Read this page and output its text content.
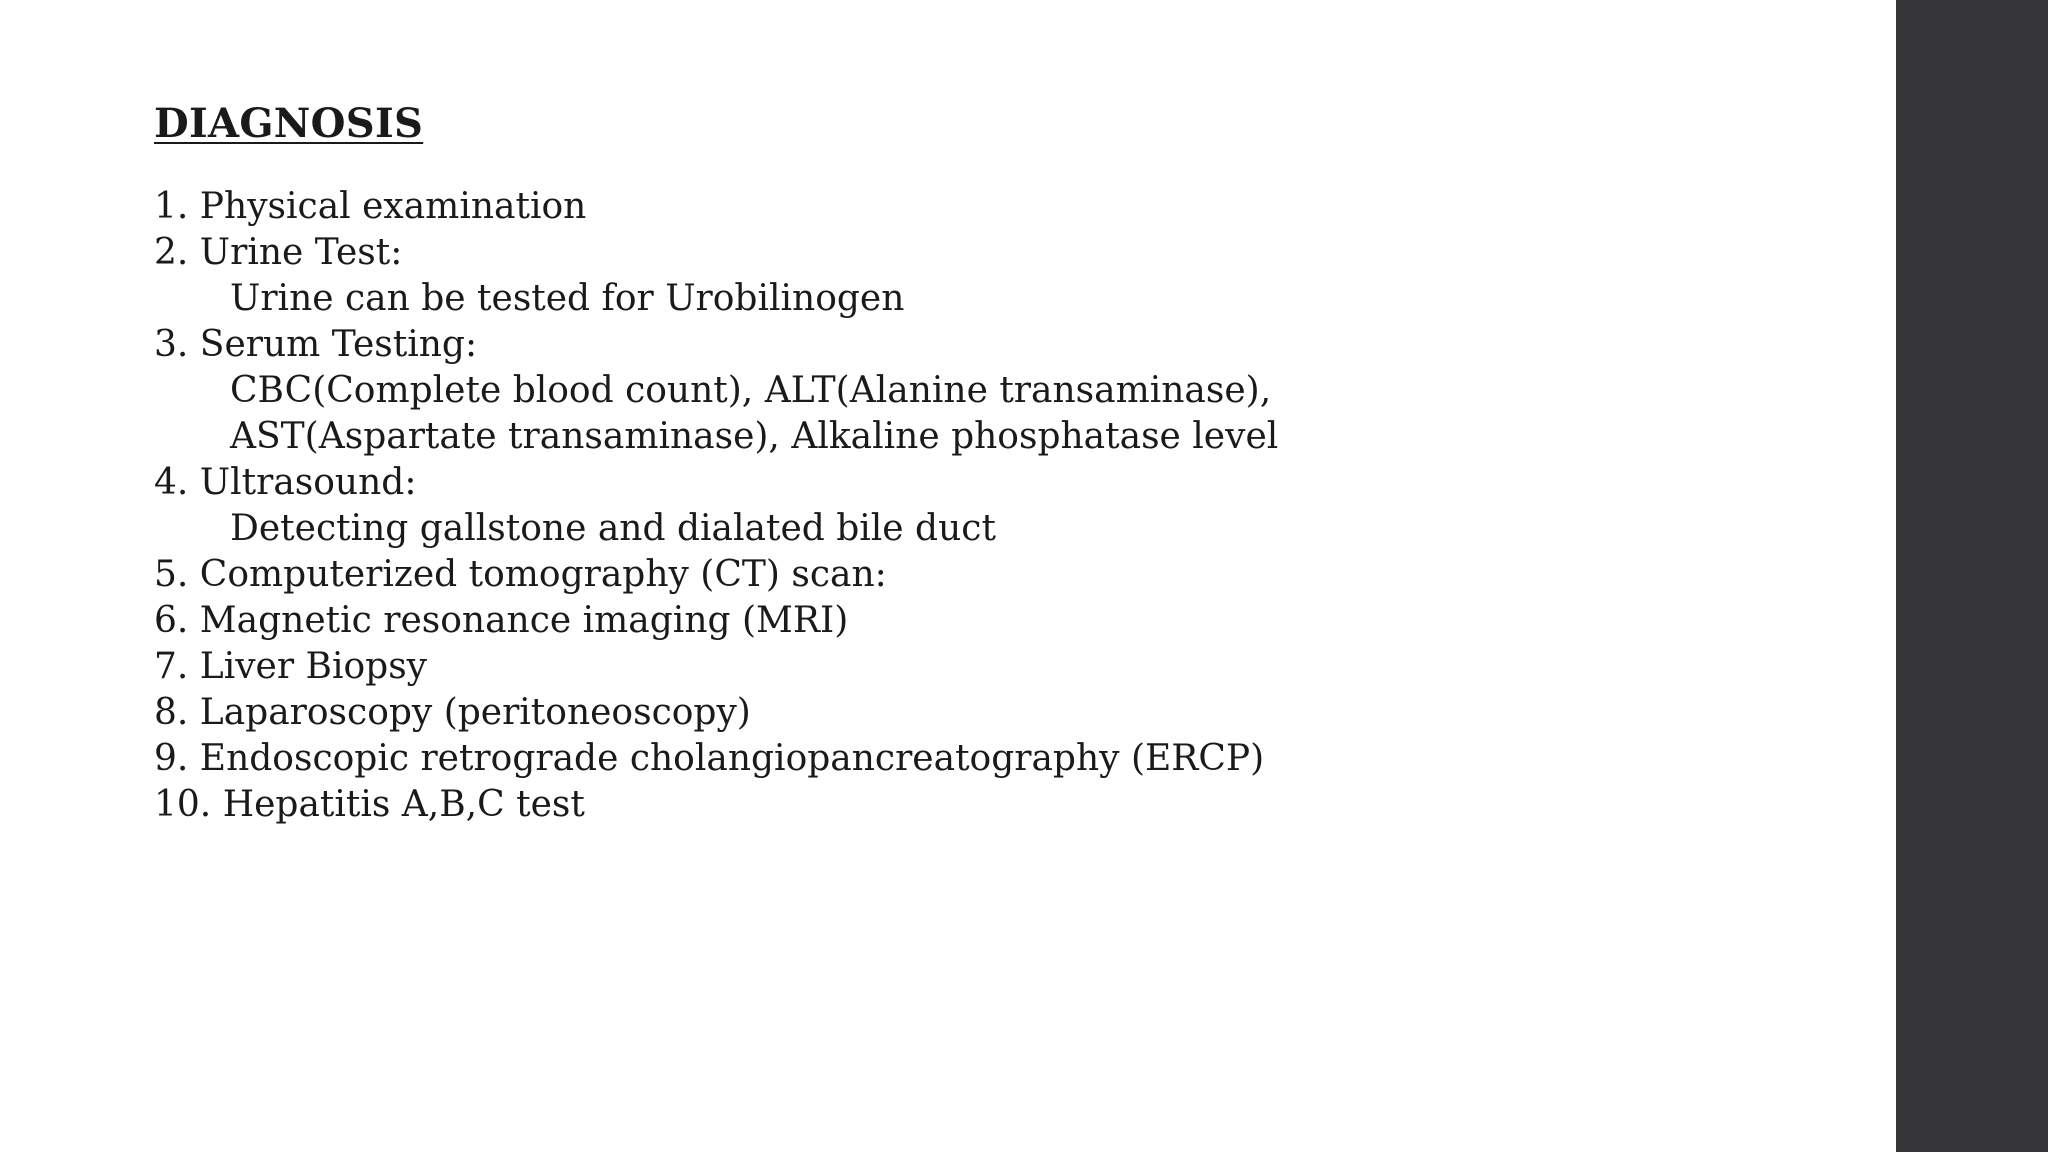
DIAGNOSIS
1. Physical examination
2. Urine Test:
Urine can be tested for Urobilinogen
3. Serum Testing:
CBC(Complete blood count), ALT(Alanine transaminase),
AST(Aspartate transaminase), Alkaline phosphatase level
4. Ultrasound:
Detecting gallstone and dialated bile duct
5. Computerized tomography (CT) scan:
6. Magnetic resonance imaging (MRI)
7. Liver Biopsy
8. Laparoscopy (peritoneoscopy)
9. Endoscopic retrograde cholangiopancreatography (ERCP)
10. Hepatitis A,B,C test
